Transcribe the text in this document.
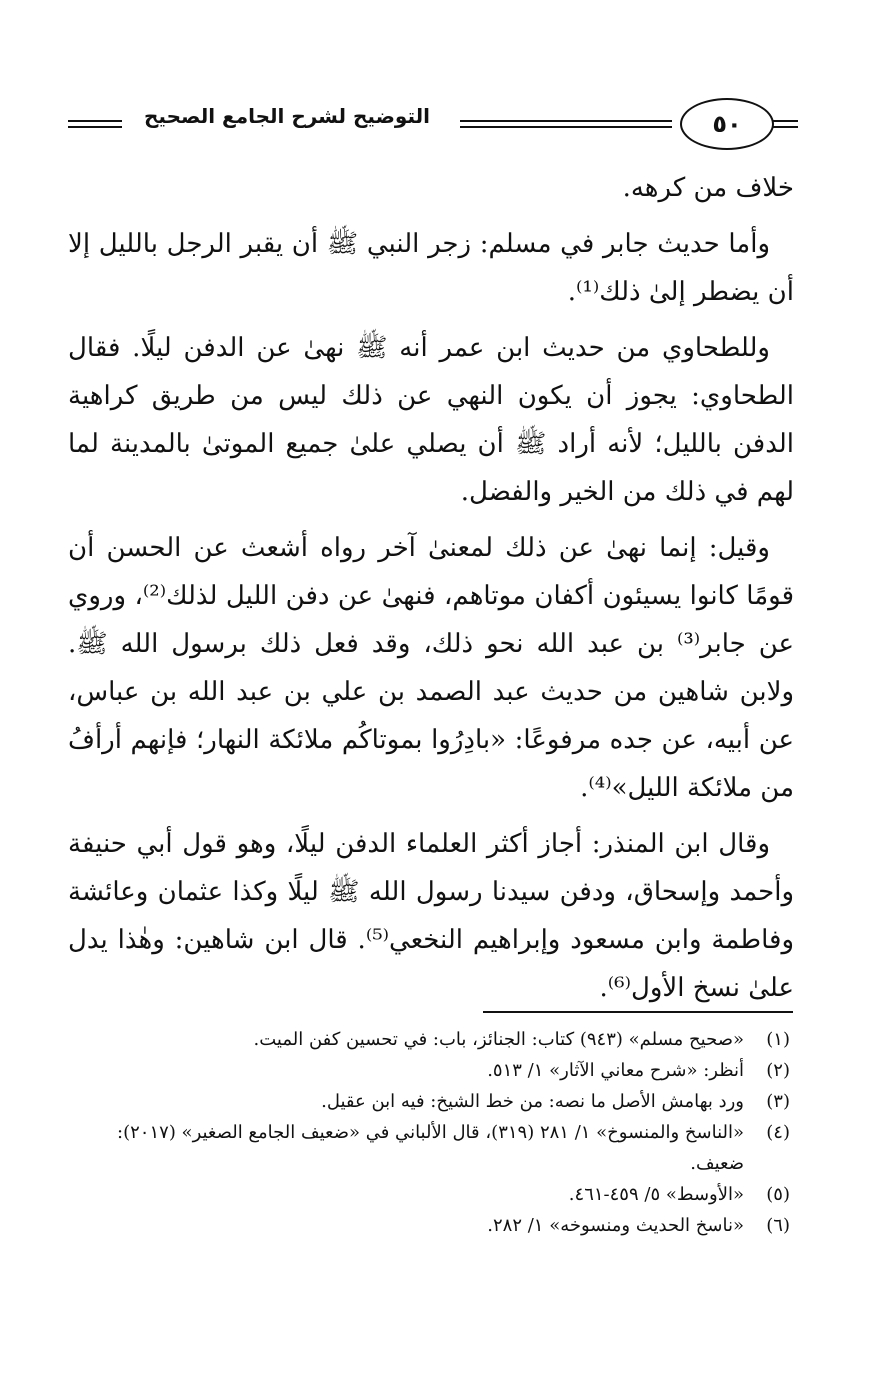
التوضيح لشرح الجامع الصحيح	٥٠

خلاف من كرهه.

وأما حديث جابر في مسلم: زجر النبي ﷺ أن يقبر الرجل بالليل إلا أن يضطر إلىٰ ذلك⁽¹⁾.

وللطحاوي من حديث ابن عمر أنه ﷺ نهىٰ عن الدفن ليلًا. فقال الطحاوي: يجوز أن يكون النهي عن ذلك ليس من طريق كراهية الدفن بالليل؛ لأنه أراد ﷺ أن يصلي علىٰ جميع الموتىٰ بالمدينة لما لهم في ذلك من الخير والفضل.

وقيل: إنما نهىٰ عن ذلك لمعنىٰ آخر رواه أشعث عن الحسن أن قومًا كانوا يسيئون أكفان موتاهم، فنهىٰ عن دفن الليل لذلك⁽²⁾، وروي عن جابر⁽³⁾ بن عبد الله نحو ذلك، وقد فعل ذلك برسول الله ﷺ. ولابن شاهين من حديث عبد الصمد بن علي بن عبد الله بن عباس، عن أبيه، عن جده مرفوعًا: «بادِرُوا بموتاكُم ملائكة النهار؛ فإنهم أرأفُ من ملائكة الليل»⁽⁴⁾.

وقال ابن المنذر: أجاز أكثر العلماء الدفن ليلًا، وهو قول أبي حنيفة وأحمد وإسحاق، ودفن سيدنا رسول الله ﷺ ليلًا وكذا عثمان وعائشة وفاطمة وابن مسعود وإبراهيم النخعي⁽⁵⁾. قال ابن شاهين: وهٰذا يدل علىٰ نسخ الأول⁽⁶⁾.

(١)
«صحيح مسلم» (٩٤٣) كتاب: الجنائز، باب: في تحسين كفن الميت.
(٢)
أنظر: «شرح معاني الآثار» ١/ ٥١٣.
(٣)
ورد بهامش الأصل ما نصه: من خط الشيخ: فيه ابن عقيل.
(٤)
«الناسخ والمنسوخ» ١/ ٢٨١ (٣١٩)، قال الألباني في «ضعيف الجامع الصغير» (٢٠١٧): ضعيف.
(٥)
«الأوسط» ٥/ ٤٥٩-٤٦١.
(٦)
«ناسخ الحديث ومنسوخه» ١/ ٢٨٢.
